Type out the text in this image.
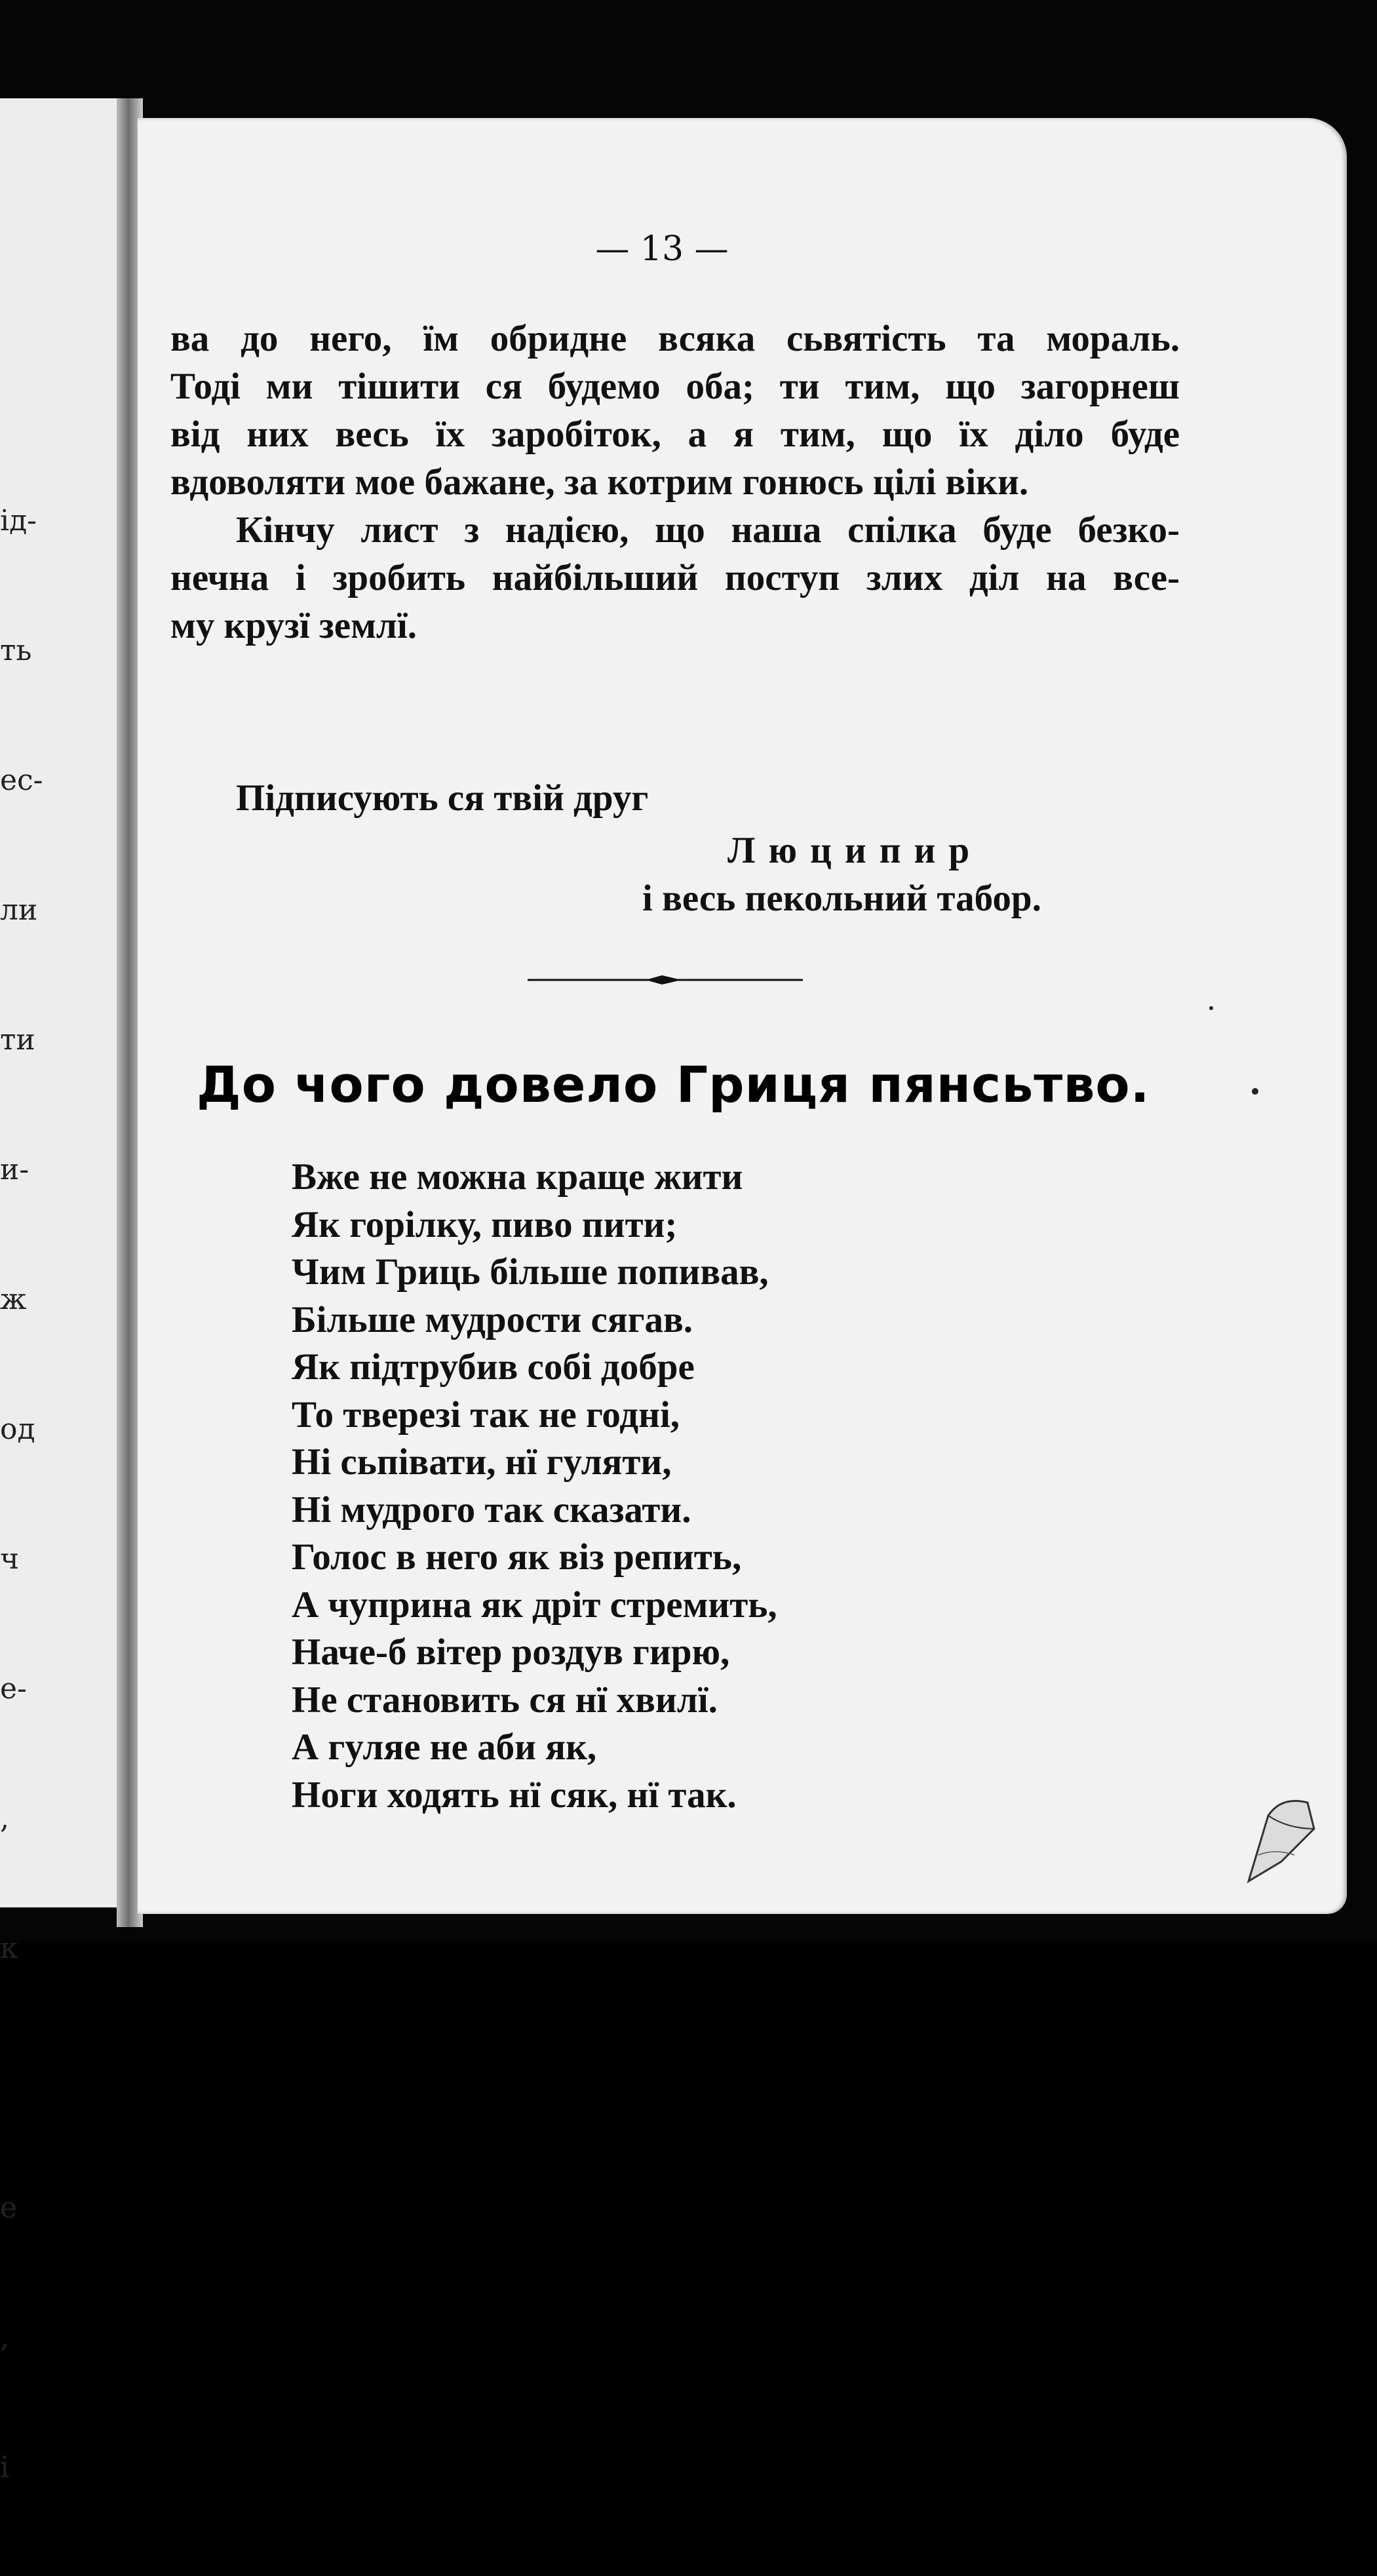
ід-

ть

ес-

ли

ти

и-

ж

од

ч

е-

,

к

е

,

і

— 13 —
ва до него, їм обридне всяка сьвятість та мораль.
Тоді ми тішити ся будемо оба; ти тим, що загорнеш
від них весь їх заробіток, а я тим, що їх діло буде
вдоволяти мое бажане, за котрим гонюсь цілі віки.
Кінчу лист з надією, що наша спілка буде безко-
нечна і зробить найбільший поступ злих діл на все-
му крузї землї.
Підписують ся твій друг
Люципир
і весь пекольний табор.
До чого довело Гриця пянсьтво.
Вже не можна краще жити
Як горілку, пиво пити;
Чим Гриць більше попивав,
Більше мудрости сягав.
Як підтрубив собі добре
То тверезі так не годні,
Ні сьпівати, нї гуляти,
Ні мудрого так сказати.
Голос в него як віз репить,
А чуприна як дріт стремить,
Наче-б вітер роздув гирю,
Не становить ся нї хвилї.
А гуляе не аби як,
Ноги ходять нї сяк, нї так.
